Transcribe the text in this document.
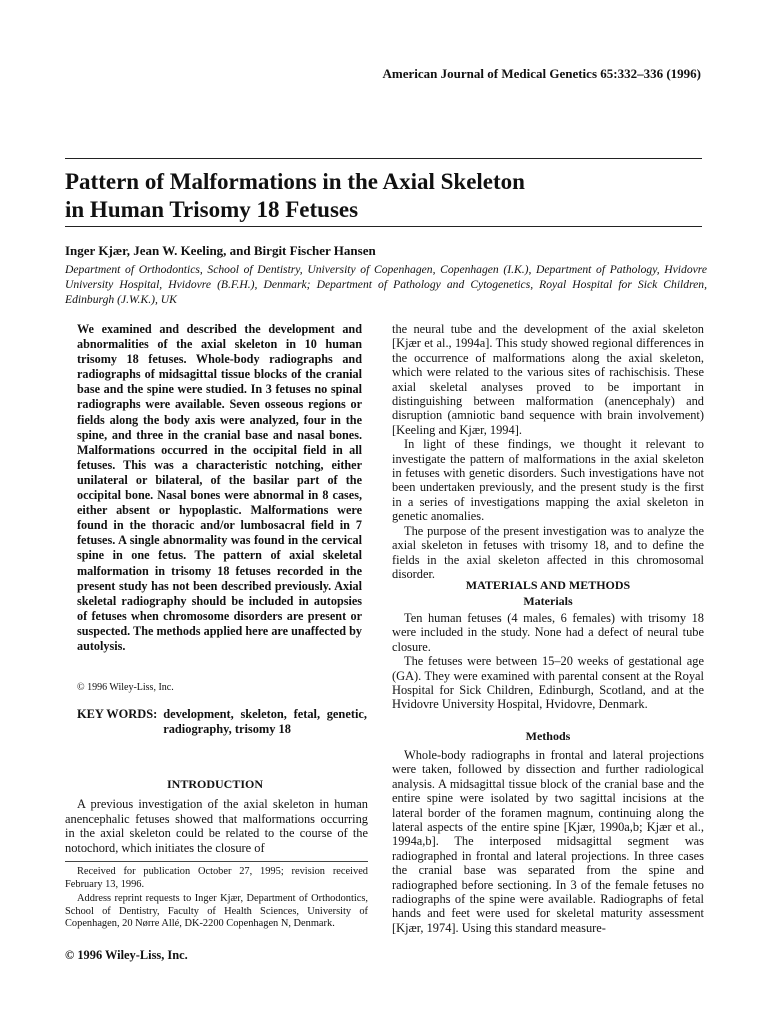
American Journal of Medical Genetics 65:332–336 (1996)
Pattern of Malformations in the Axial Skeleton
in Human Trisomy 18 Fetuses
Inger Kjær, Jean W. Keeling, and Birgit Fischer Hansen
Department of Orthodontics, School of Dentistry, University of Copenhagen, Copenhagen (I.K.), Department of Pathology, Hvidovre University Hospital, Hvidovre (B.F.H.), Denmark; Department of Pathology and Cytogenetics, Royal Hospital for Sick Children, Edinburgh (J.W.K.), UK
We examined and described the development and abnormalities of the axial skeleton in 10 human trisomy 18 fetuses. Whole-body radiographs and radiographs of midsagittal tissue blocks of the cranial base and the spine were studied. In 3 fetuses no spinal radiographs were available. Seven osseous regions or fields along the body axis were analyzed, four in the spine, and three in the cranial base and nasal bones. Malformations occurred in the occipital field in all fetuses. This was a characteristic notching, either unilateral or bilateral, of the basilar part of the occipital bone. Nasal bones were abnormal in 8 cases, either absent or hypoplastic. Malformations were found in the thoracic and/or lumbosacral field in 7 fetuses. A single abnormality was found in the cervical spine in one fetus. The pattern of axial skeletal malformation in trisomy 18 fetuses recorded in the present study has not been described previously. Axial skeletal radiography should be included in autopsies of fetuses when chromosome disorders are present or suspected. The methods applied here are unaffected by autolysis.
© 1996 Wiley-Liss, Inc.
KEY WORDS: development, skeleton, fetal, genetic, radiography, trisomy 18
INTRODUCTION
A previous investigation of the axial skeleton in human anencephalic fetuses showed that malformations occurring in the axial skeleton could be related to the course of the notochord, which initiates the closure of
Received for publication October 27, 1995; revision received February 13, 1996.
Address reprint requests to Inger Kjær, Department of Orthodontics, School of Dentistry, Faculty of Health Sciences, University of Copenhagen, 20 Nørre Allé, DK-2200 Copenhagen N, Denmark.
© 1996 Wiley-Liss, Inc.

the neural tube and the development of the axial skeleton [Kjær et al., 1994a]. This study showed regional differences in the occurrence of malformations along the axial skeleton, which were related to the various sites of rachischisis. These axial skeletal analyses proved to be important in distinguishing between malformation (anencephaly) and disruption (amniotic band sequence with brain involvement) [Keeling and Kjær, 1994].

In light of these findings, we thought it relevant to investigate the pattern of malformations in the axial skeleton in fetuses with genetic disorders. Such investigations have not been undertaken previously, and the present study is the first in a series of investigations mapping the axial skeleton in genetic anomalies.

The purpose of the present investigation was to analyze the axial skeleton in fetuses with trisomy 18, and to define the fields in the axial skeleton affected in this chromosomal disorder.

MATERIALS AND METHODS
Materials

Ten human fetuses (4 males, 6 females) with trisomy 18 were included in the study. None had a defect of neural tube closure.

The fetuses were between 15–20 weeks of gestational age (GA). They were examined with parental consent at the Royal Hospital for Sick Children, Edinburgh, Scotland, and at the Hvidovre University Hospital, Hvidovre, Denmark.

Methods

Whole-body radiographs in frontal and lateral projections were taken, followed by dissection and further radiological analysis. A midsagittal tissue block of the cranial base and the entire spine were isolated by two sagittal incisions at the lateral border of the foramen magnum, continuing along the lateral aspects of the entire spine [Kjær, 1990a,b; Kjær et al., 1994a,b]. The interposed midsagittal segment was radiographed in frontal and lateral projections. In three cases the cranial base was separated from the spine and radiographed before sectioning. In 3 of the female fetuses no radiographs of the spine were available. Radiographs of fetal hands and feet were used for skeletal maturity assessment [Kjær, 1974]. Using this standard measure-
